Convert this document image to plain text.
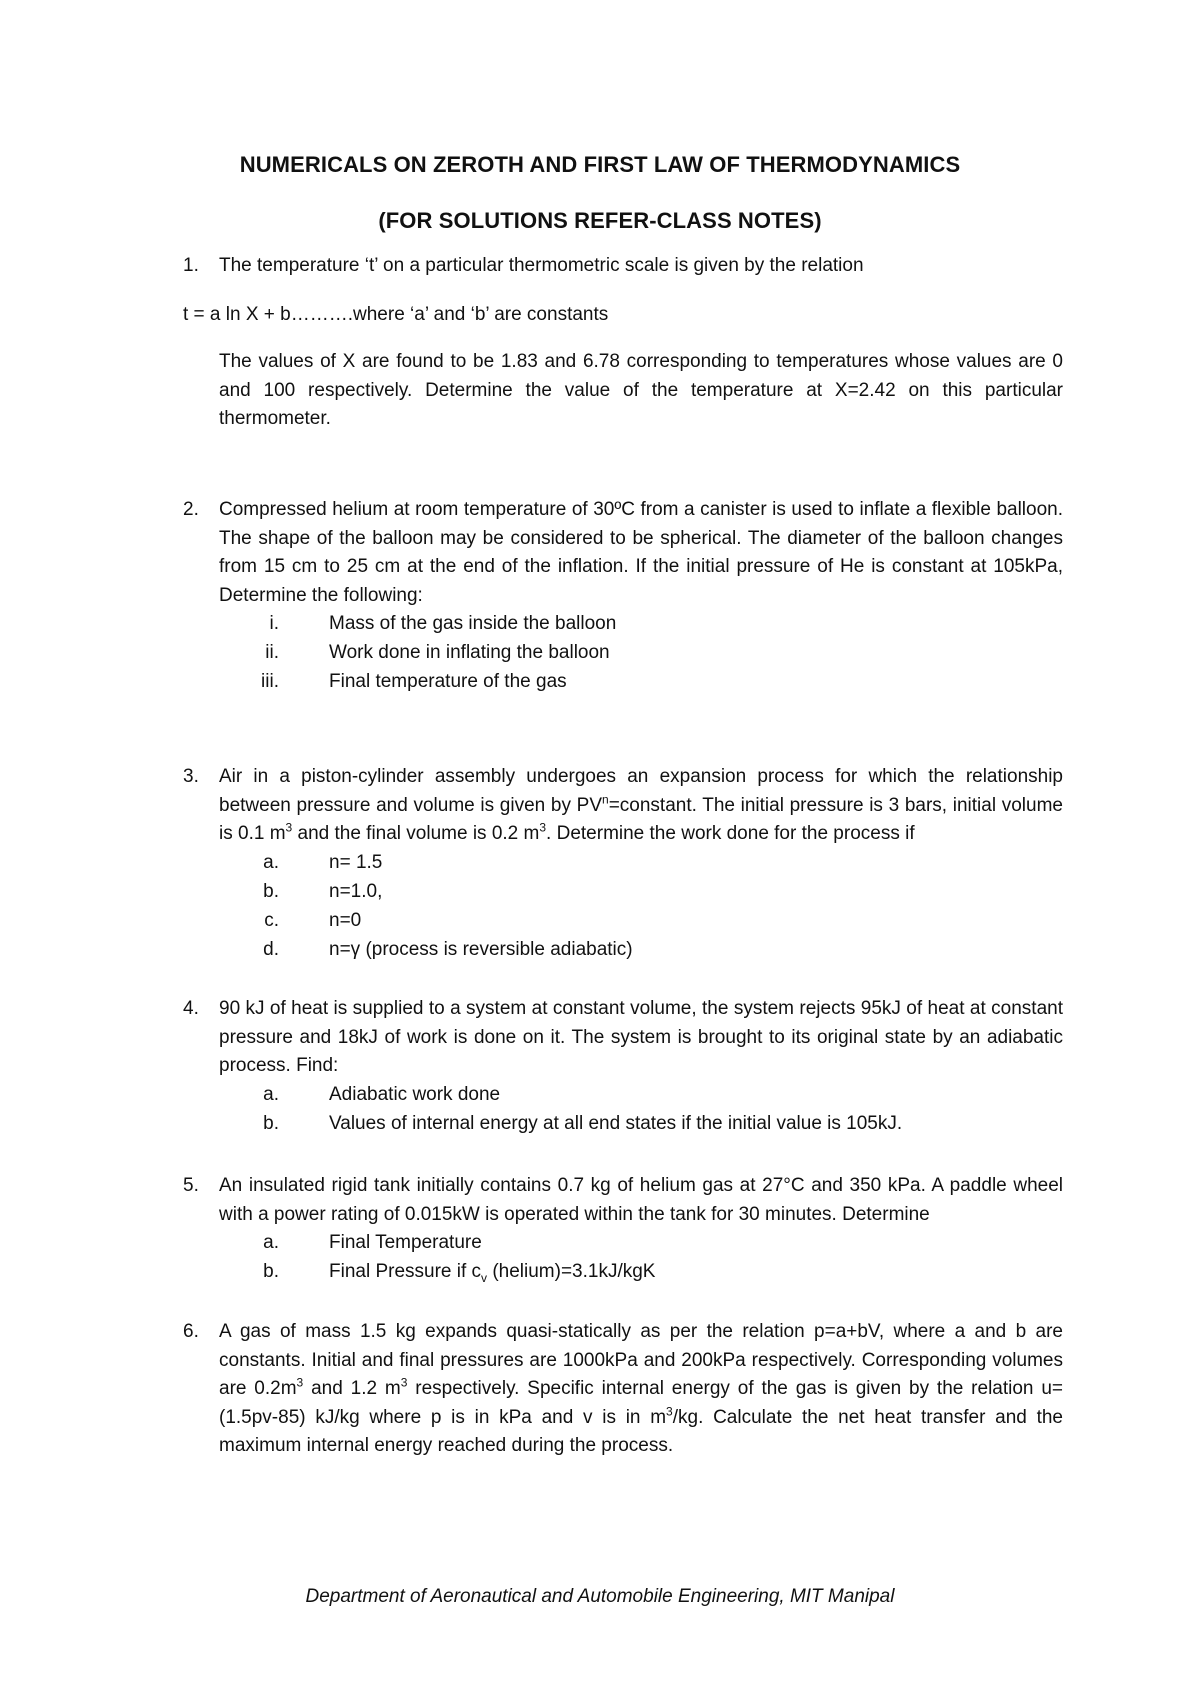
NUMERICALS ON ZEROTH AND FIRST LAW OF THERMODYNAMICS
(FOR SOLUTIONS REFER-CLASS NOTES)
1.	The temperature ‘t’ on a particular thermometric scale is given by the relation

t = a ln X + b……….where ‘a’ and ‘b’ are constants

The values of X are found to be 1.83 and 6.78 corresponding to temperatures whose values are 0 and 100 respectively. Determine the value of the temperature at X=2.42 on this particular thermometer.

2.	Compressed helium at room temperature of 30ºC from a canister is used to inflate a flexible balloon. The shape of the balloon may be considered to be spherical. The diameter of the balloon changes from 15 cm to 25 cm at the end of the inflation. If the initial pressure of He is constant at 105kPa, Determine the following:

i.	Mass of the gas inside the balloon
ii.	Work done in inflating the balloon
iii.	Final temperature of the gas
3.	Air in a piston-cylinder assembly undergoes an expansion process for which the relationship between pressure and volume is given by $PV^n=constant$. The initial pressure is 3 bars, initial volume is 0.1 $m^3$ and the final volume is 0.2 $m^3$. Determine the work done for the process if

a.	n= 1.5
b.	n=1.0,
c.	n=0
d.	n=γ (process is reversible adiabatic)
4.	90 kJ of heat is supplied to a system at constant volume, the system rejects 95kJ of heat at constant pressure and 18kJ of work is done on it. The system is brought to its original state by an adiabatic process. Find:

a.	Adiabatic work done
b.	Values of internal energy at all end states if the initial value is 105kJ.
5.	An insulated rigid tank initially contains 0.7 kg of helium gas at 27°C and 350 kPa. A paddle wheel with a power rating of 0.015kW is operated within the tank for 30 minutes. Determine

a.	Final Temperature
b.	Final Pressure if $c_v$ (helium)=3.1kJ/kgK
6.	A gas of mass 1.5 kg expands quasi-statically as per the relation p=a+bV, where a and b are constants. Initial and final pressures are 1000kPa and 200kPa respectively. Corresponding volumes are $0.2m^3$ and 1.2 $m^3$ respectively. Specific internal energy of the gas is given by the relation u= (1.5pv-85) kJ/kg where p is in kPa and v is in $m^3/kg$. Calculate the net heat transfer and the maximum internal energy reached during the process.

Department of Aeronautical and Automobile Engineering, MIT Manipal
